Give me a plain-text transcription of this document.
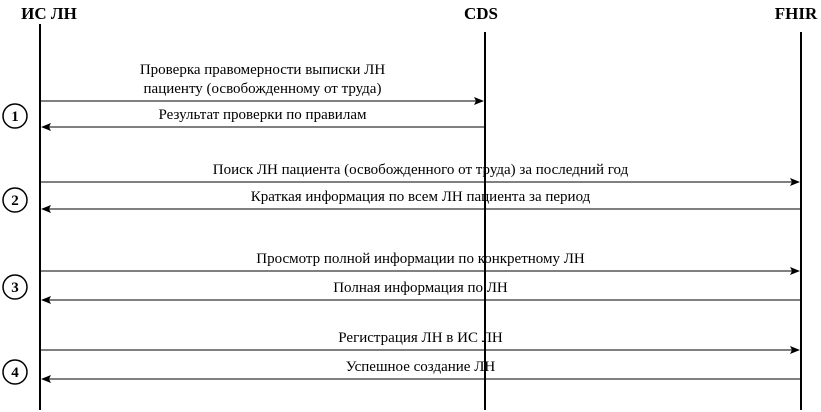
ИС ЛН	CDS	FHIR
Проверка правомерности выписки ЛН
пациенту (освобожденному от труда)
Результат проверки по правилам
Поиск ЛН пациента (освобожденного от труда) за последний год
Краткая информация по всем ЛН пациента за период
Просмотр полной информации по конкретному ЛН
Полная информация по ЛН
Регистрация ЛН в ИС ЛН
Успешное создание ЛН
1
2
3
4
